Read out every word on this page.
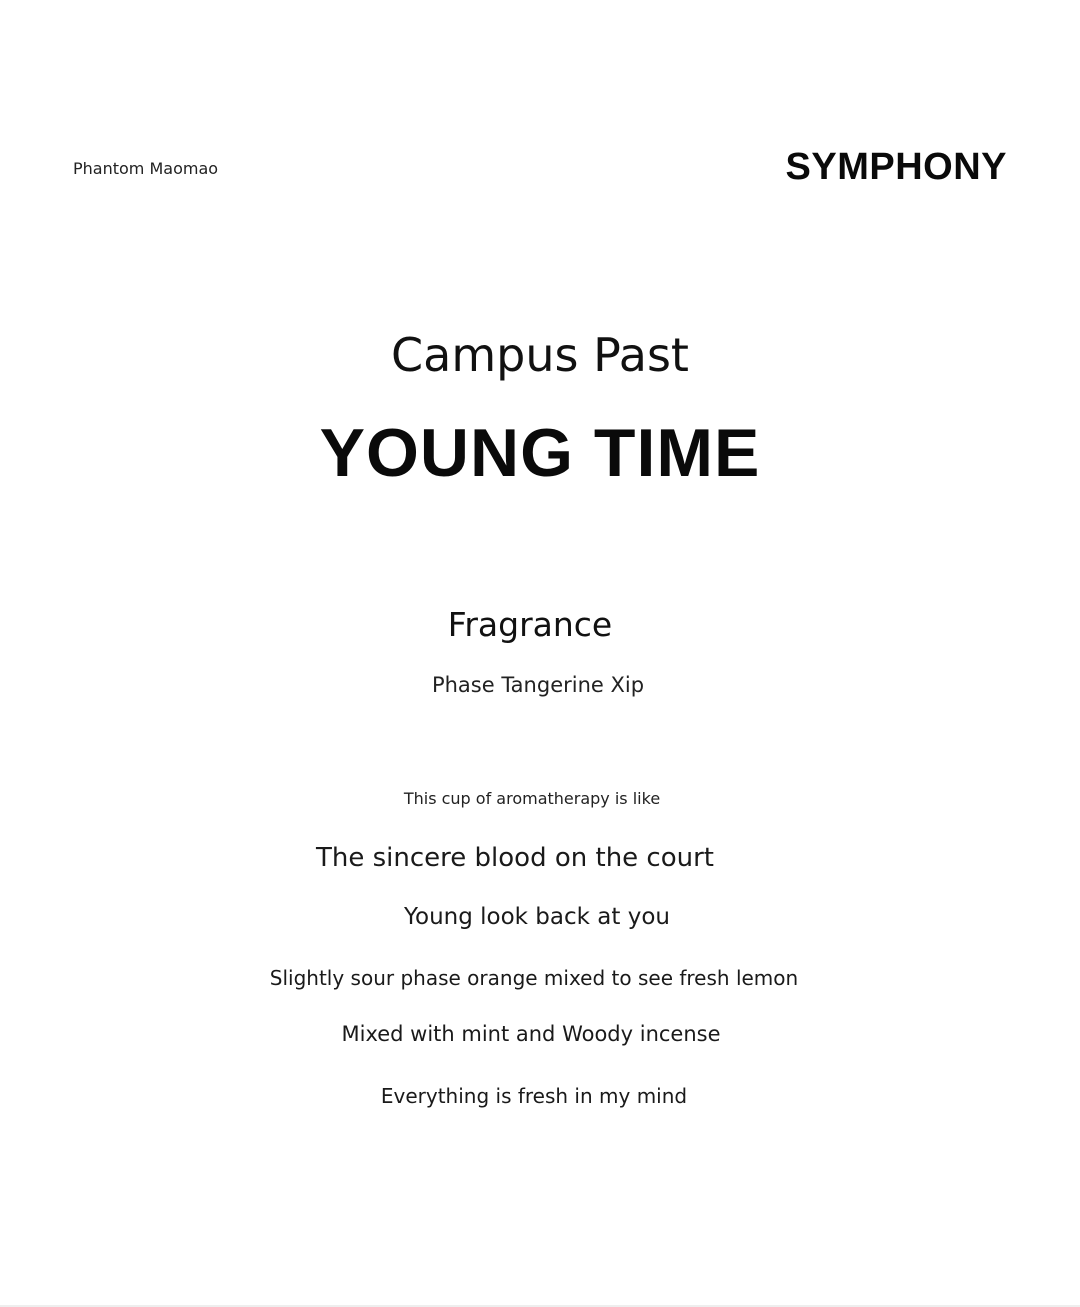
Phantom Maomao	SYMPHONY
Campus Past
YOUNG TIME
Fragrance
Phase Tangerine Xip
This cup of aromatherapy is like
The sincere blood on the court
Young look back at you
Slightly sour phase orange mixed to see fresh lemon
Mixed with mint and Woody incense
Everything is fresh in my mind
